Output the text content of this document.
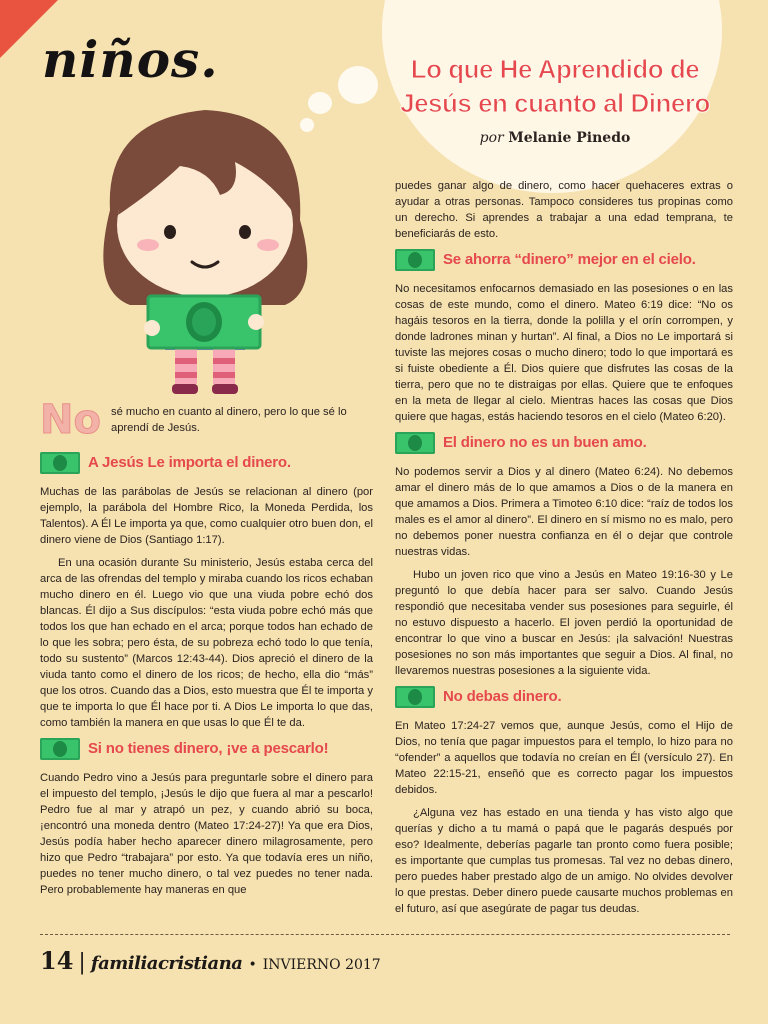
niños.	Lo que He Aprendido de Jesús en cuanto al Dinero
por Melanie Pinedo
No sé mucho en cuanto al dinero, pero lo que sé lo aprendí de Jesús.
A Jesús Le importa el dinero.

Muchas de las parábolas de Jesús se relacionan al dinero (por ejemplo, la parábola del Hombre Rico, la Moneda Perdida, los Talentos). A Él Le importa ya que, como cualquier otro buen don, el dinero viene de Dios (Santiago 1:17).

En una ocasión durante Su ministerio, Jesús estaba cerca del arca de las ofrendas del templo y miraba cuando los ricos echaban mucho dinero en él. Luego vio que una viuda pobre echó dos blancas. Él dijo a Sus discípulos: “esta viuda pobre echó más que todos los que han echado en el arca; porque todos han echado de lo que les sobra; pero ésta, de su pobreza echó todo lo que tenía, todo su sustento” (Marcos 12:43-44). Dios apreció el dinero de la viuda tanto como el dinero de los ricos; de hecho, ella dio “más” que los otros. Cuando das a Dios, esto muestra que Él te importa y que te importa lo que Él hace por ti. A Dios Le importa lo que das, como también la manera en que usas lo que Él te da.

Si no tienes dinero, ¡ve a pescarlo!

Cuando Pedro vino a Jesús para preguntarle sobre el dinero para el impuesto del templo, ¡Jesús le dijo que fuera al mar a pescarlo! Pedro fue al mar y atrapó un pez, y cuando abrió su boca, ¡encontró una moneda dentro (Mateo 17:24-27)! Ya que era Dios, Jesús podía haber hecho aparecer dinero milagrosamente, pero hizo que Pedro “trabajara” por esto. Ya que todavía eres un niño, puedes no tener mucho dinero, o tal vez puedes no tener nada. Pero probablemente hay maneras en que

puedes ganar algo de dinero, como hacer quehaceres extras o ayudar a otras personas. Tampoco consideres tus propinas como un derecho. Si aprendes a trabajar a una edad temprana, te beneficiarás de esto.

Se ahorra “dinero” mejor en el cielo.

No necesitamos enfocarnos demasiado en las posesiones o en las cosas de este mundo, como el dinero. Mateo 6:19 dice: “No os hagáis tesoros en la tierra, donde la polilla y el orín corrompen, y donde ladrones minan y hurtan”. Al final, a Dios no Le importará si tuviste las mejores cosas o mucho dinero; todo lo que importará es si fuiste obediente a Él. Dios quiere que disfrutes las cosas de la tierra, pero que no te distraigas por ellas. Quiere que te enfoques en la meta de llegar al cielo. Mientras haces las cosas que Dios quiere que hagas, estás haciendo tesoros en el cielo (Mateo 6:20).

El dinero no es un buen amo.

No podemos servir a Dios y al dinero (Mateo 6:24). No debemos amar el dinero más de lo que amamos a Dios o de la manera en que amamos a Dios. Primera a Timoteo 6:10 dice: “raíz de todos los males es el amor al dinero”. El dinero en sí mismo no es malo, pero no debemos poner nuestra confianza en él o dejar que controle nuestras vidas.

Hubo un joven rico que vino a Jesús en Mateo 19:16-30 y Le preguntó lo que debía hacer para ser salvo. Cuando Jesús respondió que necesitaba vender sus posesiones para seguirle, él no estuvo dispuesto a hacerlo. El joven perdió la oportunidad de encontrar lo que vino a buscar en Jesús: ¡la salvación! Nuestras posesiones no son más importantes que seguir a Dios. Al final, no llevaremos nuestras posesiones a la siguiente vida.

No debas dinero.

En Mateo 17:24-27 vemos que, aunque Jesús, como el Hijo de Dios, no tenía que pagar impuestos para el templo, lo hizo para no “ofender” a aquellos que todavía no creían en Él (versículo 27). En Mateo 22:15-21, enseñó que es correcto pagar los impuestos debidos.

¿Alguna vez has estado en una tienda y has visto algo que querías y dicho a tu mamá o papá que le pagarás después por eso? Idealmente, deberías pagarle tan pronto como fuera posible; es importante que cumplas tus promesas. Tal vez no debas dinero, pero puedes haber prestado algo de un amigo. No olvides devolver lo que prestas. Deber dinero puede causarte muchos problemas en el futuro, así que asegúrate de pagar tus deudas.

14 | familiacristiana • INVIERNO 2017
